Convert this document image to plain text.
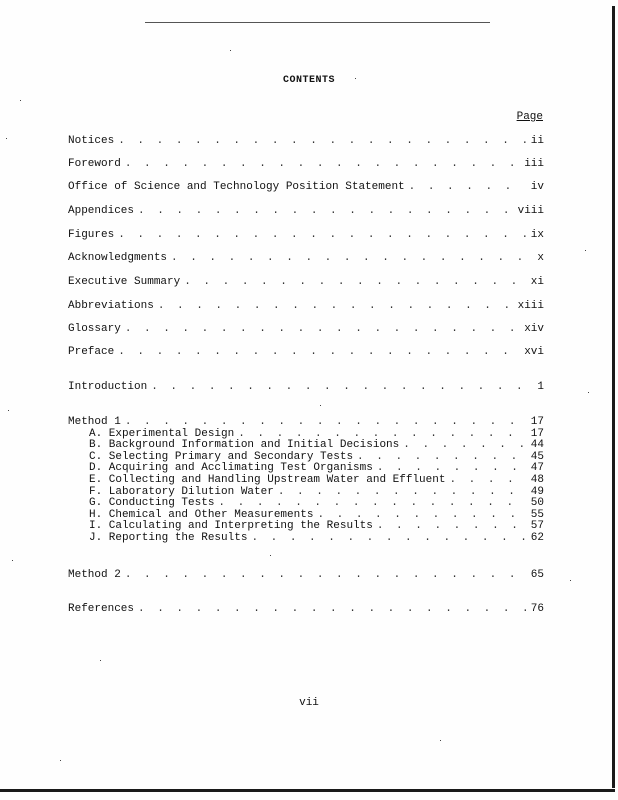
CONTENTS
Page
Notices . . .	ii
Foreword . . .	iii
Office of Science and Technology Position Statement . . .	iv
Appendices . . .	viii
Figures . . .	ix
Acknowledgments . . .	x
Executive Summary . . .	xi
Abbreviations . . .	xiii
Glossary . . .	xiv
Preface . . .	xvi
Introduction . . .	1
Method 1 . . .	17
A. Experimental Design . . .	17
B. Background Information and Initial Decisions . . .	44
C. Selecting Primary and Secondary Tests . . .	45
D. Acquiring and Acclimating Test Organisms . . .	47
E. Collecting and Handling Upstream Water and Effluent . . .	48
F. Laboratory Dilution Water . . .	49
G. Conducting Tests . . .	50
H. Chemical and Other Measurements . . .	55
I. Calculating and Interpreting the Results . . .	57
J. Reporting the Results . . .	62
Method 2 . . .	65
References . . .	76
vii
